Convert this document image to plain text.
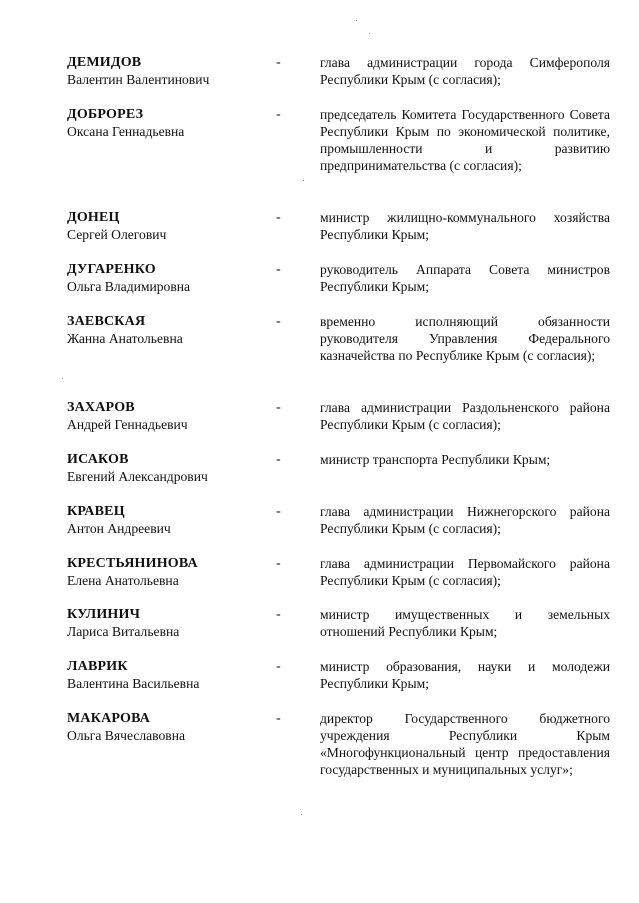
ДЕМИДОВ
Валентин Валентинович
-	глава администрации города Симферополя Республики Крым (с согласия);
ДОБРОРЕЗ
Оксана Геннадьевна
-	председатель Комитета Государственного Совета Республики Крым по экономической политике, промышленности и развитию предпринимательства (с согласия);
ДОНЕЦ
Сергей Олегович
-	министр жилищно-коммунального хозяйства Республики Крым;
ДУГАРЕНКО
Ольга Владимировна
-	руководитель Аппарата Совета министров Республики Крым;
ЗАЕВСКАЯ
Жанна Анатольевна
-	временно исполняющий обязанности руководителя Управления Федерального казначейства по Республике Крым (с согласия);
ЗАХАРОВ
Андрей Геннадьевич
-	глава администрации Раздольненского района Республики Крым (с согласия);
ИСАКОВ
Евгений Александрович
-	министр транспорта Республики Крым;
КРАВЕЦ
Антон Андреевич
-	глава администрации Нижнегорского района Республики Крым (с согласия);
КРЕСТЬЯНИНОВА
Елена Анатольевна
-	глава администрации Первомайского района Республики Крым (с согласия);
КУЛИНИЧ
Лариса Витальевна
-	министр имущественных и земельных отношений Республики Крым;
ЛАВРИК
Валентина Васильевна
-	министр образования, науки и молодежи Республики Крым;
МАКАРОВА
Ольга Вячеславовна
-	директор Государственного бюджетного учреждения Республики Крым «Многофункциональный центр предоставления государственных и муниципальных услуг»;
